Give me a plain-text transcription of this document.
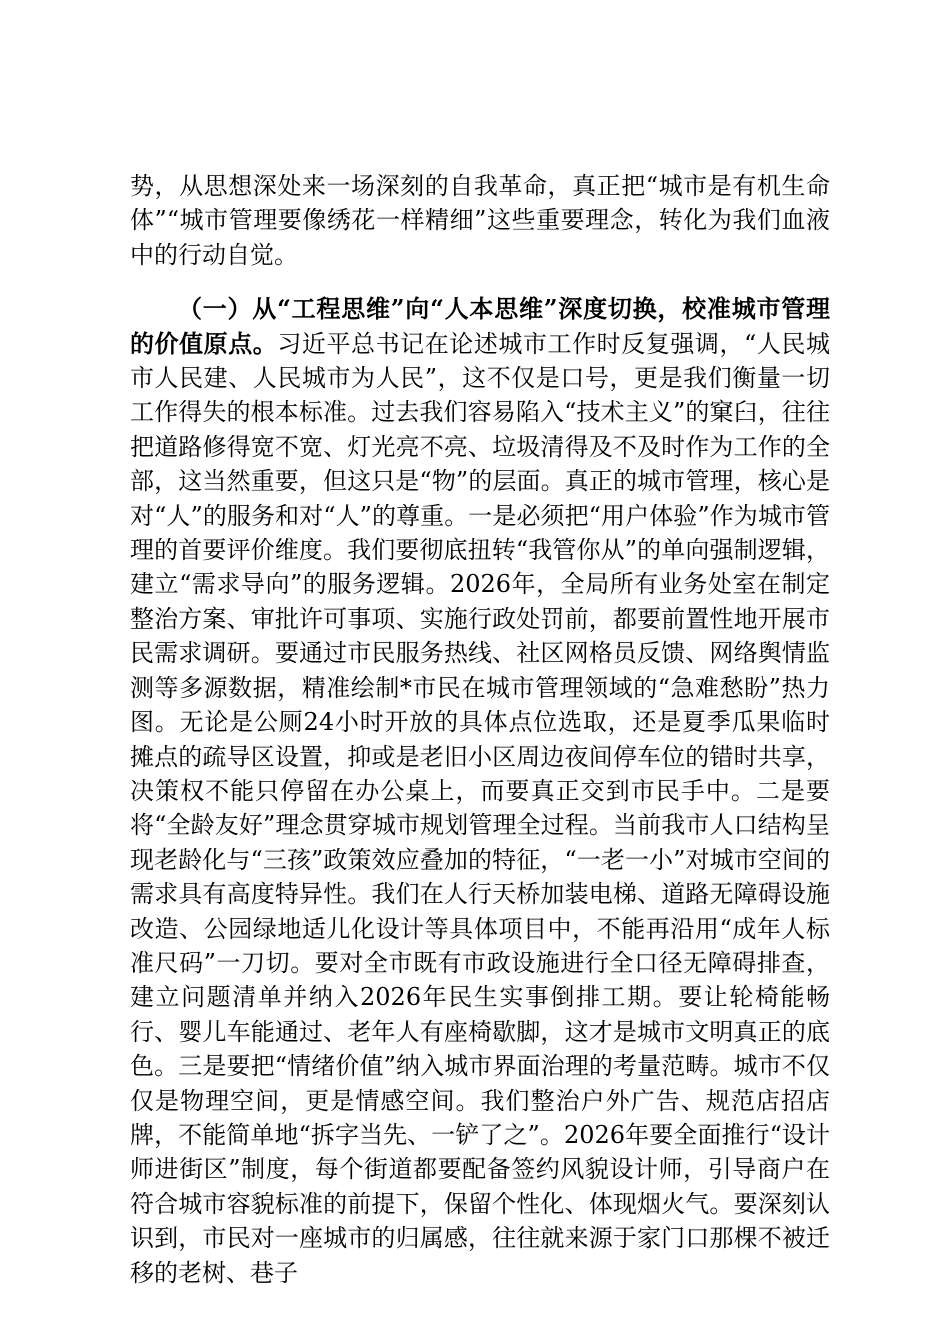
势，从思想深处来一场深刻的自我革命，真正把“城市是有机生命体”“城市管理要像绣花一样精细”这些重要理念，转化为我们血液中的行动自觉。

（一）从“工程思维”向“人本思维”深度切换，校准城市管理的价值原点。习近平总书记在论述城市工作时反复强调，“人民城市人民建、人民城市为人民”，这不仅是口号，更是我们衡量一切工作得失的根本标准。过去我们容易陷入“技术主义”的窠臼，往往把道路修得宽不宽、灯光亮不亮、垃圾清得及不及时作为工作的全部，这当然重要，但这只是“物”的层面。真正的城市管理，核心是对“人”的服务和对“人”的尊重。一是必须把“用户体验”作为城市管理的首要评价维度。我们要彻底扭转“我管你从”的单向强制逻辑，建立“需求导向”的服务逻辑。2026年，全局所有业务处室在制定整治方案、审批许可事项、实施行政处罚前，都要前置性地开展市民需求调研。要通过市民服务热线、社区网格员反馈、网络舆情监测等多源数据，精准绘制*市民在城市管理领域的“急难愁盼”热力图。无论是公厕24小时开放的具体点位选取，还是夏季瓜果临时摊点的疏导区设置，抑或是老旧小区周边夜间停车位的错时共享，决策权不能只停留在办公桌上，而要真正交到市民手中。二是要将“全龄友好”理念贯穿城市规划管理全过程。当前我市人口结构呈现老龄化与“三孩”政策效应叠加的特征，“一老一小”对城市空间的需求具有高度特异性。我们在人行天桥加装电梯、道路无障碍设施改造、公园绿地适儿化设计等具体项目中，不能再沿用“成年人标准尺码”一刀切。要对全市既有市政设施进行全口径无障碍排查，建立问题清单并纳入2026年民生实事倒排工期。要让轮椅能畅行、婴儿车能通过、老年人有座椅歇脚，这才是城市文明真正的底色。三是要把“情绪价值”纳入城市界面治理的考量范畴。城市不仅仅是物理空间，更是情感空间。我们整治户外广告、规范店招店牌，不能简单地“拆字当先、一铲了之”。2026年要全面推行“设计师进街区”制度，每个街道都要配备签约风貌设计师，引导商户在符合城市容貌标准的前提下，保留个性化、体现烟火气。要深刻认识到，市民对一座城市的归属感，往往就来源于家门口那棵不被迁移的老树、巷子
